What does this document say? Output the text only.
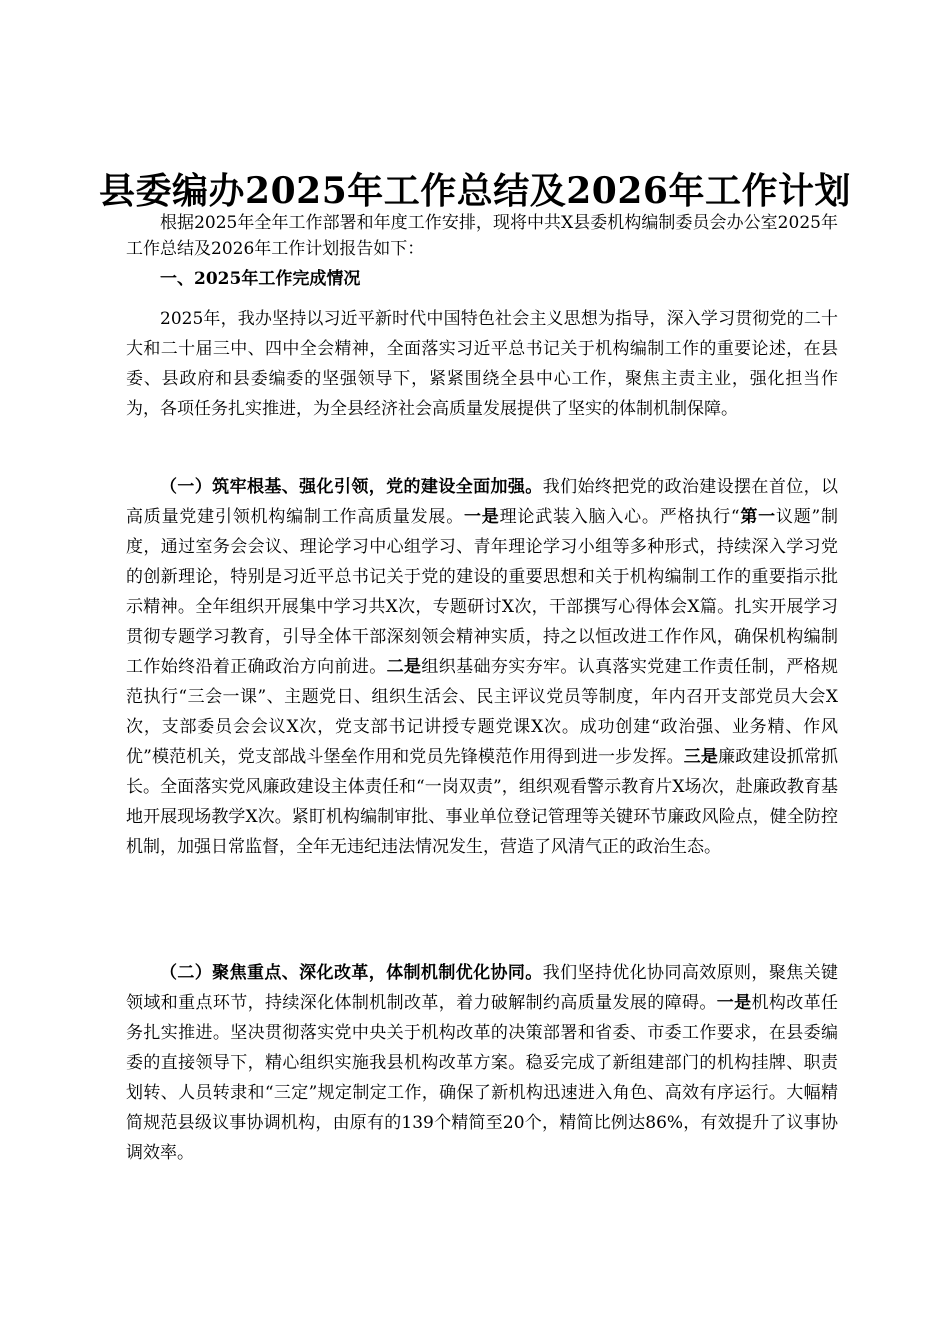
县委编办2025年工作总结及2026年工作计划

根据2025年全年工作部署和年度工作安排，现将中共X县委机构编制委员会办公室2025年工作总结及2026年工作计划报告如下：

一、2025年工作完成情况

2025年，我办坚持以习近平新时代中国特色社会主义思想为指导，深入学习贯彻党的二十大和二十届三中、四中全会精神，全面落实习近平总书记关于机构编制工作的重要论述，在县委、县政府和县委编委的坚强领导下，紧紧围绕全县中心工作，聚焦主责主业，强化担当作为，各项任务扎实推进，为全县经济社会高质量发展提供了坚实的体制机制保障。

（一）筑牢根基、强化引领，党的建设全面加强。我们始终把党的政治建设摆在首位，以高质量党建引领机构编制工作高质量发展。一是理论武装入脑入心。严格执行“第一议题”制度，通过室务会会议、理论学习中心组学习、青年理论学习小组等多种形式，持续深入学习党的创新理论，特别是习近平总书记关于党的建设的重要思想和关于机构编制工作的重要指示批示精神。全年组织开展集中学习共X次，专题研讨X次，干部撰写心得体会X篇。扎实开展学习贯彻专题学习教育，引导全体干部深刻领会精神实质，持之以恒改进工作作风，确保机构编制工作始终沿着正确政治方向前进。二是组织基础夯实夯牢。认真落实党建工作责任制，严格规范执行“三会一课”、主题党日、组织生活会、民主评议党员等制度，年内召开支部党员大会X次，支部委员会会议X次，党支部书记讲授专题党课X次。成功创建“政治强、业务精、作风优”模范机关，党支部战斗堡垒作用和党员先锋模范作用得到进一步发挥。三是廉政建设抓常抓长。全面落实党风廉政建设主体责任和“一岗双责”，组织观看警示教育片X场次，赴廉政教育基地开展现场教学X次。紧盯机构编制审批、事业单位登记管理等关键环节廉政风险点，健全防控机制，加强日常监督，全年无违纪违法情况发生，营造了风清气正的政治生态。

（二）聚焦重点、深化改革，体制机制优化协同。我们坚持优化协同高效原则，聚焦关键领域和重点环节，持续深化体制机制改革，着力破解制约高质量发展的障碍。一是机构改革任务扎实推进。坚决贯彻落实党中央关于机构改革的决策部署和省委、市委工作要求，在县委编委的直接领导下，精心组织实施我县机构改革方案。稳妥完成了新组建部门的机构挂牌、职责划转、人员转隶和“三定”规定制定工作，确保了新机构迅速进入角色、高效有序运行。大幅精简规范县级议事协调机构，由原有的139个精简至20个，精简比例达86%，有效提升了议事协调效率。
